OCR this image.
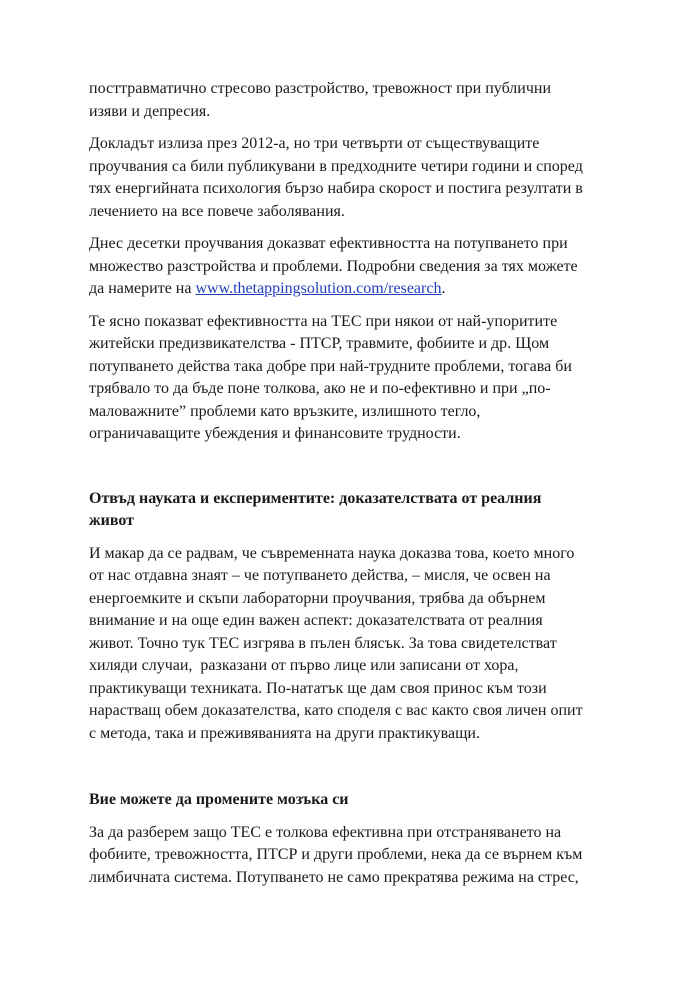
посттравматично стресово разстройство, тревожност при публични
изяви и депресия.

Докладът излиза през 2012-а, но три четвърти от съществуващите
проучвания са били публикувани в предходните четири години и според
тях енергийната психология бързо набира скорост и постига резултати в
лечението на все повече заболявания.

Днес десетки проучвания доказват ефективността на потупването при
множество разстройства и проблеми. Подробни сведения за тях можете
да намерите на www.thetappingsolution.com/research.

Те ясно показват ефективността на ТЕС при някои от най-упоритите
житейски предизвикателства - ПТСР, травмите, фобиите и др. Щом
потупването действа така добре при най-трудните проблеми, тогава би
трябвало то да бъде поне толкова, ако не и по-ефективно и при „по-
маловажните” проблеми като връзките, излишното тегло,
ограничаващите убеждения и финансовите трудности.

Отвъд науката и експериментите: доказателствата от реалния
живот

И макар да се радвам, че съвременната наука доказва това, което много
от нас отдавна знаят – че потупването действа, – мисля, че освен на
енергоемките и скъпи лабораторни проучвания, трябва да обърнем
внимание и на още един важен аспект: доказателствата от реалния
живот. Точно тук ТЕС изгрява в пълен блясък. За това свидетелстват
хиляди случаи,  разказани от първо лице или записани от хора,
практикуващи техниката. По-нататък ще дам своя принос към този
нарастващ обем доказателства, като споделя с вас както своя личен опит
с метода, така и преживяванията на други практикуващи.

Вие можете да промените мозъка си

За да разберем защо ТЕС е толкова ефективна при отстраняването на
фобиите, тревожността, ПТСР и други проблеми, нека да се върнем към
лимбичната система. Потупването не само прекратява режима на стрес,
